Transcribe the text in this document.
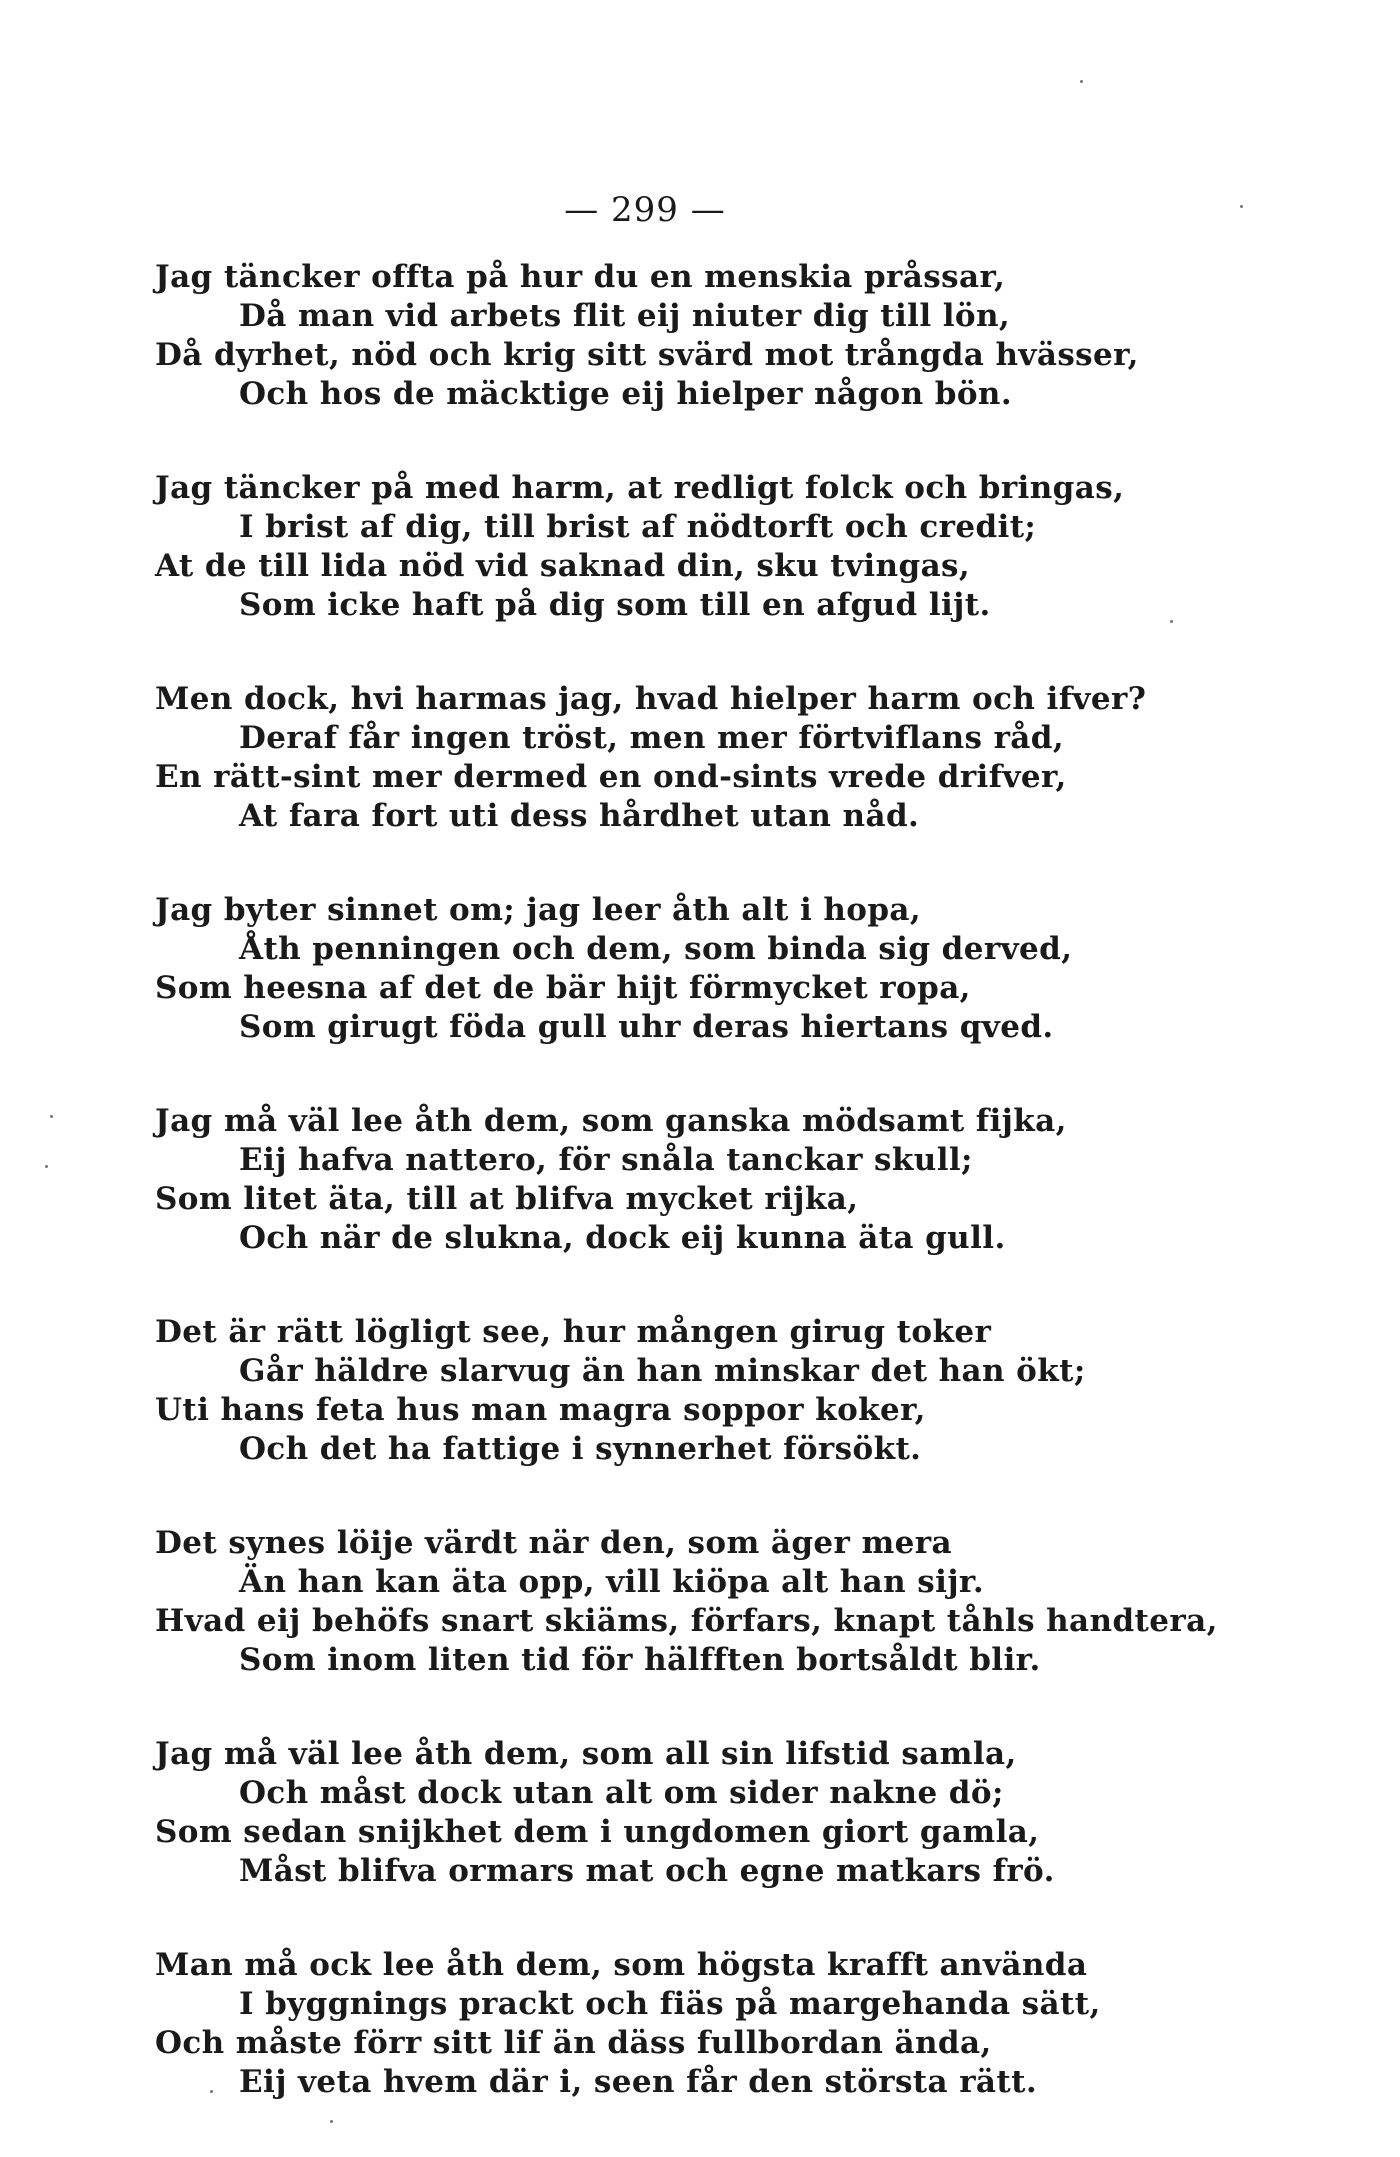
— 299 —
Jag täncker offta på hur du en menskia pråssar,
Då man vid arbets flit eij niuter dig till lön,
Då dyrhet, nöd och krig sitt svärd mot trångda hvässer,
Och hos de mäcktige eij hielper någon bön.
Jag täncker på med harm, at redligt folck och bringas,
I brist af dig, till brist af nödtorft och credit;
At de till lida nöd vid saknad din, sku tvingas,
Som icke haft på dig som till en afgud lijt.
Men dock, hvi harmas jag, hvad hielper harm och ifver?
Deraf får ingen tröst, men mer förtviflans råd,
En rätt-sint mer dermed en ond-sints vrede drifver,
At fara fort uti dess hårdhet utan nåd.
Jag byter sinnet om; jag leer åth alt i hopa,
Åth penningen och dem, som binda sig derved,
Som heesna af det de bär hijt förmycket ropa,
Som girugt föda gull uhr deras hiertans qved.
Jag må väl lee åth dem, som ganska mödsamt fijka,
Eij hafva nattero, för snåla tanckar skull;
Som litet äta, till at blifva mycket rijka,
Och när de slukna, dock eij kunna äta gull.
Det är rätt lögligt see, hur mången girug toker
Går häldre slarvug än han minskar det han ökt;
Uti hans feta hus man magra soppor koker,
Och det ha fattige i synnerhet försökt.
Det synes löije värdt när den, som äger mera
Än han kan äta opp, vill kiöpa alt han sijr.
Hvad eij behöfs snart skiäms, förfars, knapt tåhls handtera,
Som inom liten tid för hälfften bortsåldt blir.
Jag må väl lee åth dem, som all sin lifstid samla,
Och måst dock utan alt om sider nakne dö;
Som sedan snijkhet dem i ungdomen giort gamla,
Måst blifva ormars mat och egne matkars frö.
Man må ock lee åth dem, som högsta krafft använda
I byggnings prackt och fiäs på margehanda sätt,
Och måste förr sitt lif än däss fullbordan ända,
Eij veta hvem där i, seen får den största rätt.
